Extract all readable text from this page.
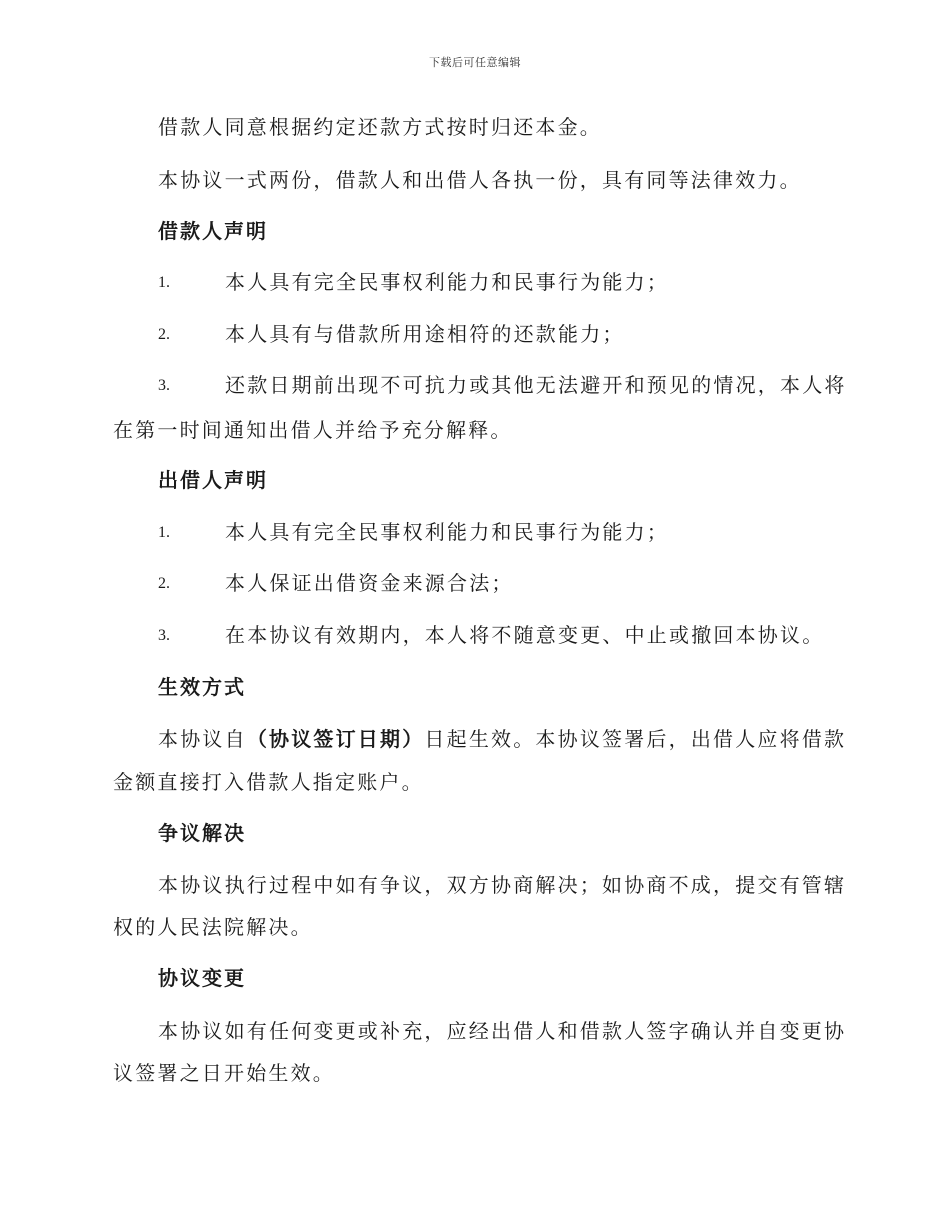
下载后可任意编辑
借款人同意根据约定还款方式按时归还本金。
本协议一式两份，借款人和出借人各执一份，具有同等法律效力。
借款人声明
1.	本人具有完全民事权利能力和民事行为能力；
2.	本人具有与借款所用途相符的还款能力；
3.	还款日期前出现不可抗力或其他无法避开和预见的情况，本人将
在第一时间通知出借人并给予充分解释。
出借人声明
1.	本人具有完全民事权利能力和民事行为能力；
2.	本人保证出借资金来源合法；
3.	在本协议有效期内，本人将不随意变更、中止或撤回本协议。
生效方式
本协议自（协议签订日期）日起生效。本协议签署后，出借人应将借款
金额直接打入借款人指定账户。
争议解决
本协议执行过程中如有争议，双方协商解决；如协商不成，提交有管辖
权的人民法院解决。
协议变更
本协议如有任何变更或补充，应经出借人和借款人签字确认并自变更协
议签署之日开始生效。
